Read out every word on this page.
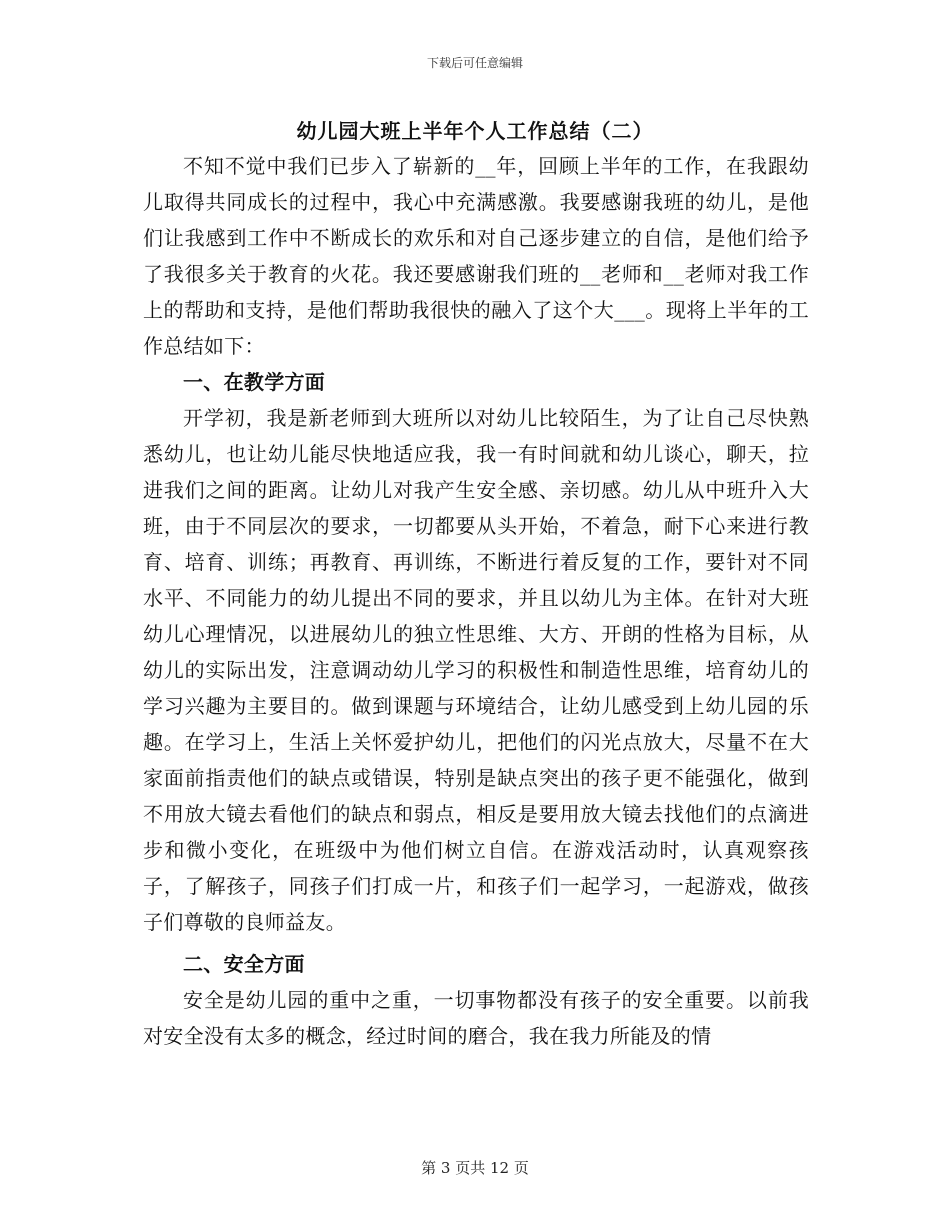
下载后可任意编辑
幼儿园大班上半年个人工作总结（二）

不知不觉中我们已步入了崭新的__年，回顾上半年的工作，在我跟幼儿取得共同成长的过程中，我心中充满感激。我要感谢我班的幼儿，是他们让我感到工作中不断成长的欢乐和对自己逐步建立的自信，是他们给予了我很多关于教育的火花。我还要感谢我们班的__老师和__老师对我工作上的帮助和支持，是他们帮助我很快的融入了这个大___。现将上半年的工作总结如下：

一、在教学方面

开学初，我是新老师到大班所以对幼儿比较陌生，为了让自己尽快熟悉幼儿，也让幼儿能尽快地适应我，我一有时间就和幼儿谈心，聊天，拉进我们之间的距离。让幼儿对我产生安全感、亲切感。幼儿从中班升入大班，由于不同层次的要求，一切都要从头开始，不着急，耐下心来进行教育、培育、训练；再教育、再训练，不断进行着反复的工作，要针对不同水平、不同能力的幼儿提出不同的要求，并且以幼儿为主体。在针对大班幼儿心理情况，以进展幼儿的独立性思维、大方、开朗的性格为目标，从幼儿的实际出发，注意调动幼儿学习的积极性和制造性思维，培育幼儿的学习兴趣为主要目的。做到课题与环境结合，让幼儿感受到上幼儿园的乐趣。在学习上，生活上关怀爱护幼儿，把他们的闪光点放大，尽量不在大家面前指责他们的缺点或错误，特别是缺点突出的孩子更不能强化，做到不用放大镜去看他们的缺点和弱点，相反是要用放大镜去找他们的点滴进步和微小变化，在班级中为他们树立自信。在游戏活动时，认真观察孩子，了解孩子，同孩子们打成一片，和孩子们一起学习，一起游戏，做孩子们尊敬的良师益友。

二、安全方面

安全是幼儿园的重中之重，一切事物都没有孩子的安全重要。以前我对安全没有太多的概念，经过时间的磨合，我在我力所能及的情

第 3 页共 12 页
